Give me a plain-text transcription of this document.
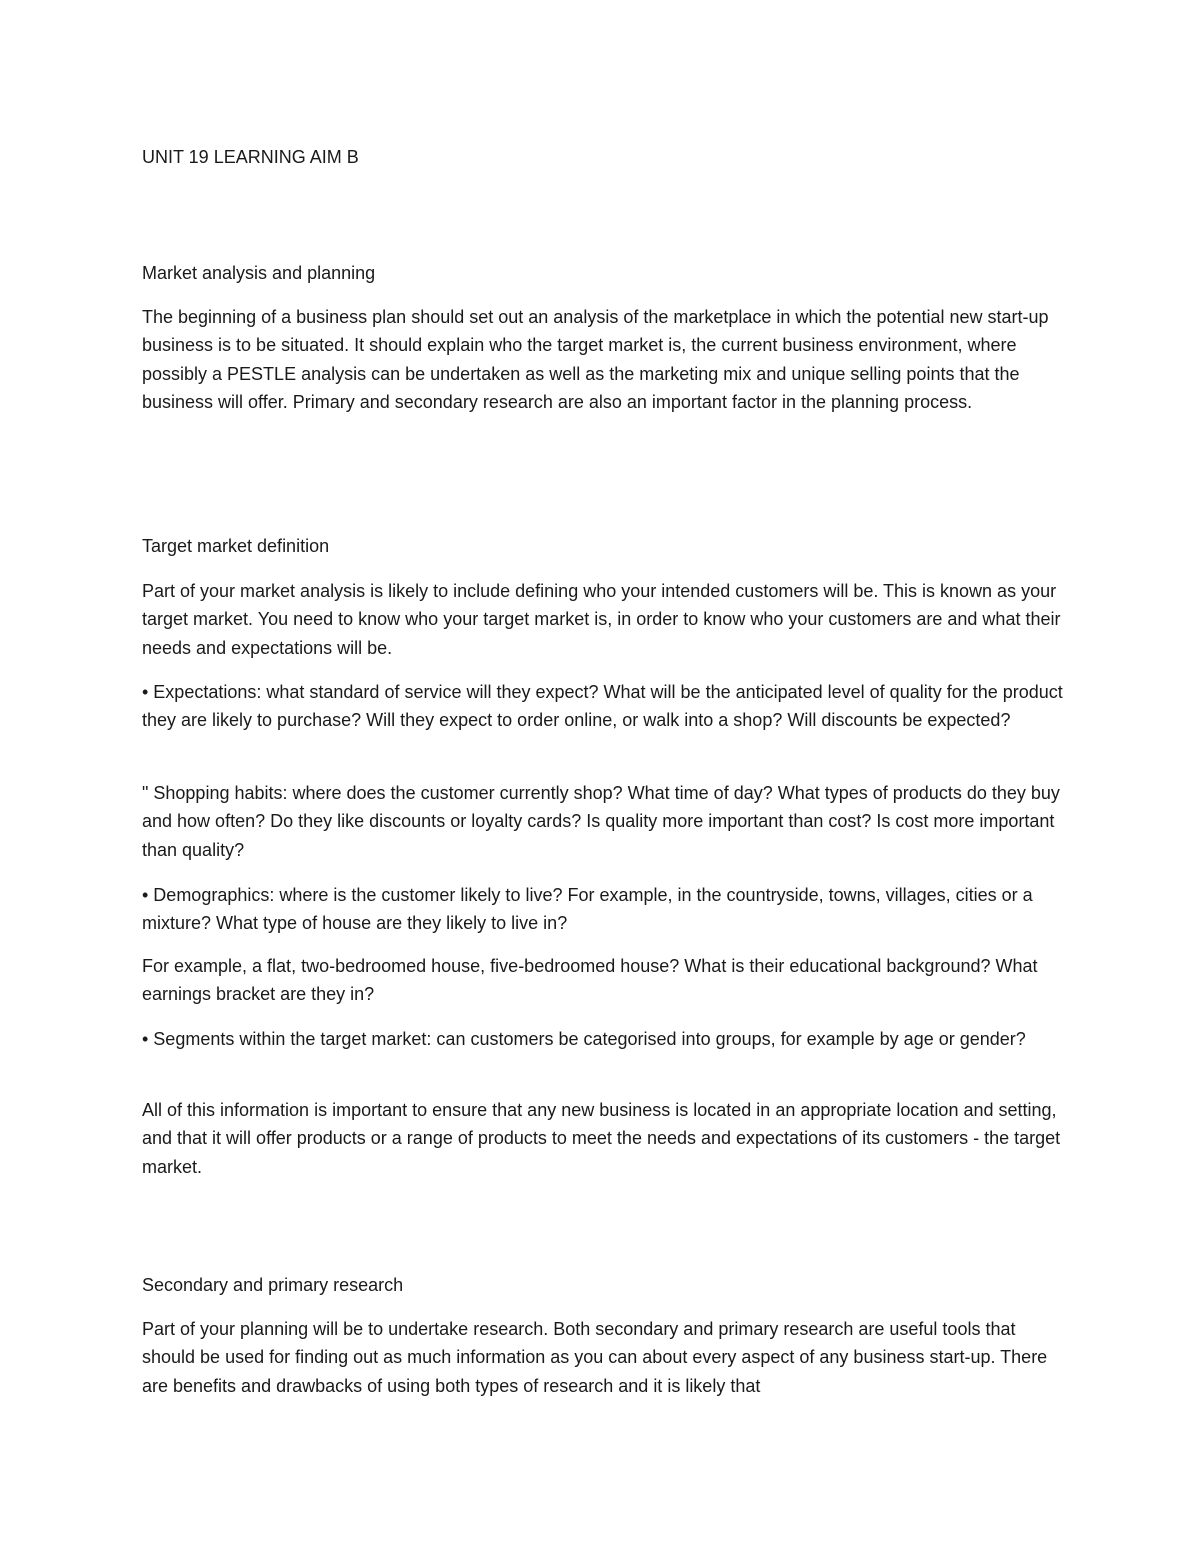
UNIT 19 LEARNING AIM B

Market analysis and planning

The beginning of a business plan should set out an analysis of the marketplace in which the potential new start-up business is to be situated. It should explain who the target market is, the current business environment, where possibly a PESTLE analysis can be undertaken as well as the marketing mix and unique selling points that the business will offer. Primary and secondary research are also an important factor in the planning process.

Target market definition

Part of your market analysis is likely to include defining who your intended customers will be. This is known as your target market. You need to know who your target market is, in order to know who your customers are and what their needs and expectations will be.

• Expectations: what standard of service will they expect? What will be the anticipated level of quality for the product they are likely to purchase? Will they expect to order online, or walk into a shop? Will discounts be expected?

" Shopping habits: where does the customer currently shop? What time of day? What types of products do they buy and how often? Do they like discounts or loyalty cards? Is quality more important than cost? Is cost more important than quality?

• Demographics: where is the customer likely to live? For example, in the countryside, towns, villages, cities or a mixture? What type of house are they likely to live in?

For example, a flat, two-bedroomed house, five-bedroomed house? What is their educational background? What earnings bracket are they in?

• Segments within the target market: can customers be categorised into groups, for example by age or gender?

All of this information is important to ensure that any new business is located in an appropriate location and setting, and that it will offer products or a range of products to meet the needs and expectations of its customers - the target market.

Secondary and primary research

Part of your planning will be to undertake research. Both secondary and primary research are useful tools that should be used for finding out as much information as you can about every aspect of any business start-up. There are benefits and drawbacks of using both types of research and it is likely that
